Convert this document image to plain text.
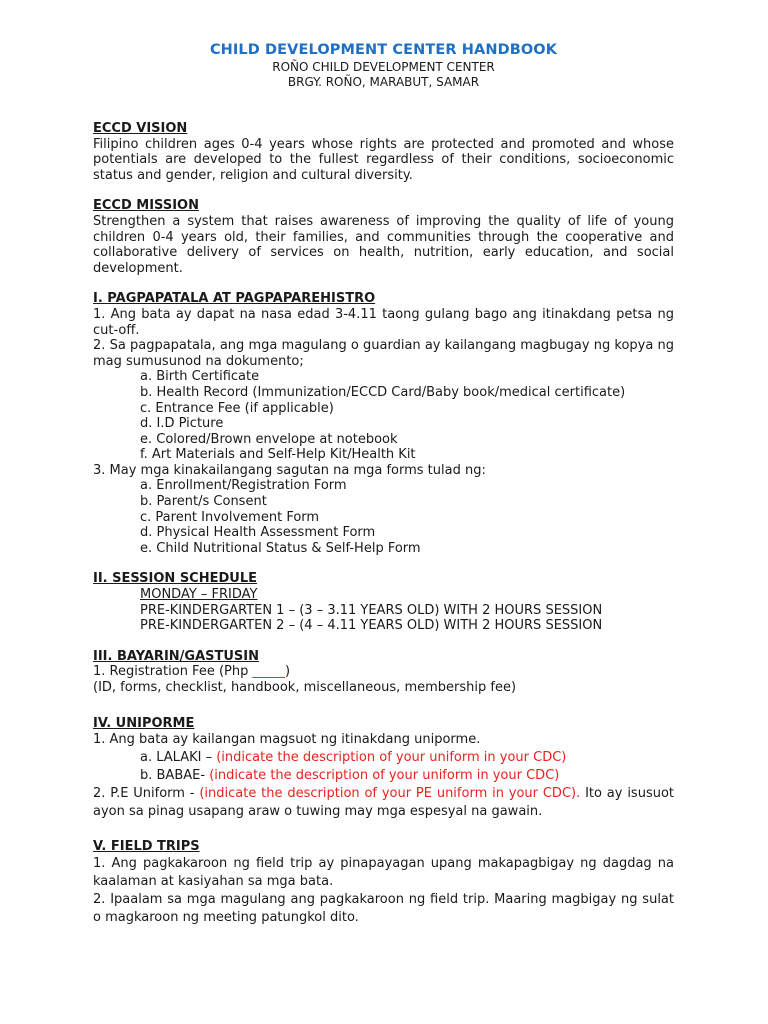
CHILD DEVELOPMENT CENTER HANDBOOK

ROÑO CHILD DEVELOPMENT CENTER

BRGY. ROÑO, MARABUT, SAMAR

ECCD VISION

Filipino children ages 0-4 years whose rights are protected and promoted and whose potentials are developed to the fullest regardless of their conditions, socioeconomic status and gender, religion and cultural diversity.

ECCD MISSION

Strengthen a system that raises awareness of improving the quality of life of young children 0-4 years old, their families, and communities through the cooperative and collaborative delivery of services on health, nutrition, early education, and social development.

I. PAGPAPATALA AT PAGPAPAREHISTRO

1. Ang bata ay dapat na nasa edad 3-4.11 taong gulang bago ang itinakdang petsa ng cut-off.

2. Sa pagpapatala, ang mga magulang o guardian ay kailangang magbugay ng kopya ng mag sumusunod na dokumento;

a. Birth Certificate

b. Health Record (Immunization/ECCD Card/Baby book/medical certificate)

c. Entrance Fee (if applicable)

d. I.D Picture

e. Colored/Brown envelope at notebook

f. Art Materials and Self-Help Kit/Health Kit

3. May mga kinakailangang sagutan na mga forms tulad ng:

a. Enrollment/Registration Form

b. Parent/s Consent

c. Parent Involvement Form

d. Physical Health Assessment Form

e. Child Nutritional Status & Self-Help Form

II. SESSION SCHEDULE

MONDAY – FRIDAY

PRE-KINDERGARTEN 1 – (3 – 3.11 YEARS OLD) WITH 2 HOURS SESSION

PRE-KINDERGARTEN 2 – (4 – 4.11 YEARS OLD) WITH 2 HOURS SESSION

III. BAYARIN/GASTUSIN

1. Registration Fee (Php _____)

(ID, forms, checklist, handbook, miscellaneous, membership fee)

IV. UNIPORME

1. Ang bata ay kailangan magsuot ng itinakdang uniporme.

a. LALAKI – (indicate the description of your uniform in your CDC)

b. BABAE- (indicate the description of your uniform in your CDC)

2. P.E Uniform - (indicate the description of your PE uniform in your CDC). Ito ay isusuot ayon sa pinag usapang araw o tuwing may mga espesyal na gawain.

V. FIELD TRIPS

1. Ang pagkakaroon ng field trip ay pinapayagan upang makapagbigay ng dagdag na kaalaman at kasiyahan sa mga bata.

2. Ipaalam sa mga magulang ang pagkakaroon ng field trip. Maaring magbigay ng sulat o magkaroon ng meeting patungkol dito.
